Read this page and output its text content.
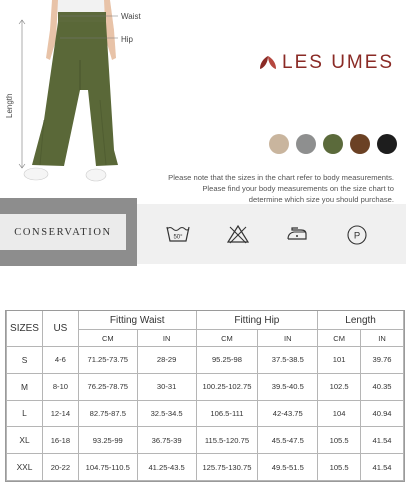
Waist
Hip
Length
LES UMES
Please note that the sizes in the chart refer to body measurements.
Please find your body measurements on the size chart to
determine which size you should purchase.
CONSERVATION	50°	P
SIZES	US	Fitting Waist		Fitting Hip		Length	
		CM	IN	CM	IN	CM	IN
S	4-6	71.25-73.75	28-29	95.25-98	37.5-38.5	101	39.76
M	8-10	76.25-78.75	30-31	100.25-102.75	39.5-40.5	102.5	40.35
L	12-14	82.75-87.5	32.5-34.5	106.5-111	42-43.75	104	40.94
XL	16-18	93.25-99	36.75-39	115.5-120.75	45.5-47.5	105.5	41.54
XXL	20-22	104.75-110.5	41.25-43.5	125.75-130.75	49.5-51.5	105.5	41.54
